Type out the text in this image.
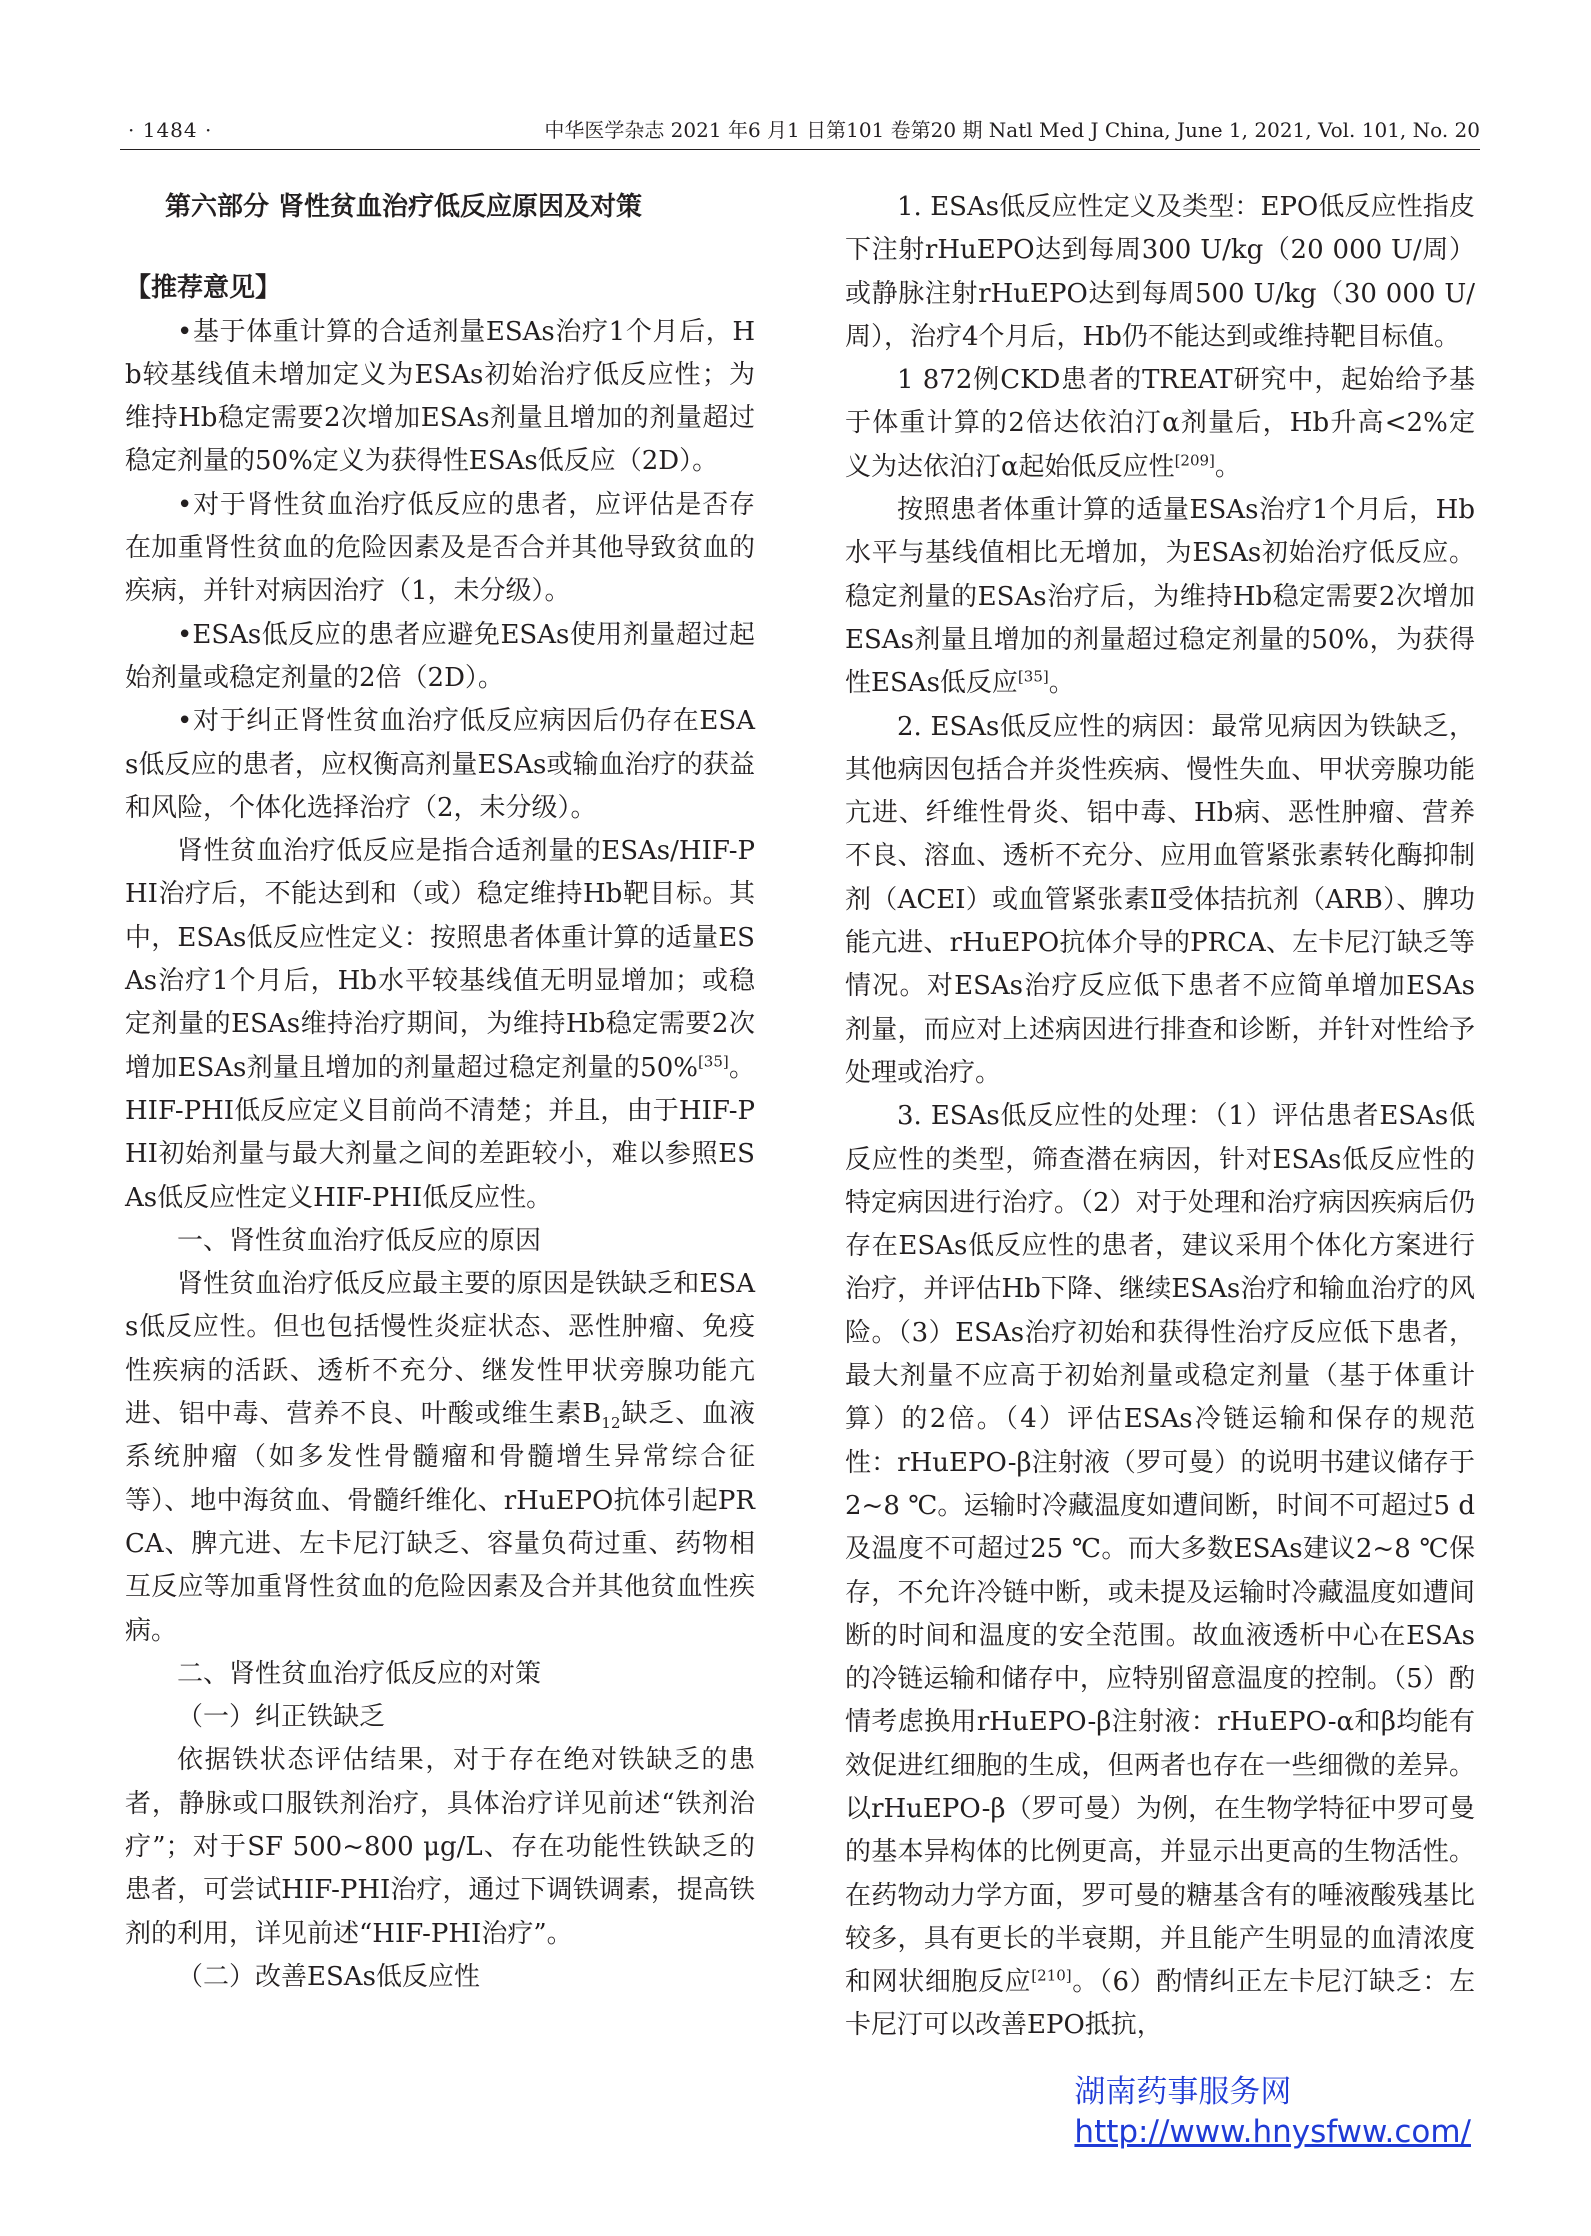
· 1484 ·	中华医学杂志 2021 年6 月1 日第101 卷第20 期 Natl Med J China, June 1, 2021, Vol. 101, No. 20

第六部分 肾性贫血治疗低反应原因及对策

【推荐意见】

•基于体重计算的合适剂量ESAs治疗1个月后，Hb较基线值未增加定义为ESAs初始治疗低反应性；为维持Hb稳定需要2次增加ESAs剂量且增加的剂量超过稳定剂量的50%定义为获得性ESAs低反应（2D）。

•对于肾性贫血治疗低反应的患者，应评估是否存在加重肾性贫血的危险因素及是否合并其他导致贫血的疾病，并针对病因治疗（1，未分级）。

•ESAs低反应的患者应避免ESAs使用剂量超过起始剂量或稳定剂量的2倍（2D）。

•对于纠正肾性贫血治疗低反应病因后仍存在ESAs低反应的患者，应权衡高剂量ESAs或输血治疗的获益和风险，个体化选择治疗（2，未分级）。

肾性贫血治疗低反应是指合适剂量的ESAs/HIF-PHI治疗后，不能达到和（或）稳定维持Hb靶目标。其中，ESAs低反应性定义：按照患者体重计算的适量ESAs治疗1个月后，Hb水平较基线值无明显增加；或稳定剂量的ESAs维持治疗期间，为维持Hb稳定需要2次增加ESAs剂量且增加的剂量超过稳定剂量的50%[35]。HIF-PHI低反应定义目前尚不清楚；并且，由于HIF-PHI初始剂量与最大剂量之间的差距较小，难以参照ESAs低反应性定义HIF-PHI低反应性。

一、肾性贫血治疗低反应的原因

肾性贫血治疗低反应最主要的原因是铁缺乏和ESAs低反应性。但也包括慢性炎症状态、恶性肿瘤、免疫性疾病的活跃、透析不充分、继发性甲状旁腺功能亢进、铝中毒、营养不良、叶酸或维生素$B_{12}$缺乏、血液系统肿瘤（如多发性骨髓瘤和骨髓增生异常综合征等）、地中海贫血、骨髓纤维化、rHuEPO抗体引起PRCA、脾亢进、左卡尼汀缺乏、容量负荷过重、药物相互反应等加重肾性贫血的危险因素及合并其他贫血性疾病。

二、肾性贫血治疗低反应的对策

（一）纠正铁缺乏

依据铁状态评估结果，对于存在绝对铁缺乏的患者，静脉或口服铁剂治疗，具体治疗详见前述“铁剂治疗”；对于SF 500~800 μg/L、存在功能性铁缺乏的患者，可尝试HIF-PHI治疗，通过下调铁调素，提高铁剂的利用，详见前述“HIF-PHI治疗”。

（二）改善ESAs低反应性

1. ESAs低反应性定义及类型：EPO低反应性指皮下注射rHuEPO达到每周300 U/kg（20 000 U/周）或静脉注射rHuEPO达到每周500 U/kg（30 000 U/周），治疗4个月后，Hb仍不能达到或维持靶目标值。

1 872例CKD患者的TREAT研究中，起始给予基于体重计算的2倍达依泊汀α剂量后，Hb升高<2%定义为达依泊汀α起始低反应性[209]。

按照患者体重计算的适量ESAs治疗1个月后，Hb水平与基线值相比无增加，为ESAs初始治疗低反应。稳定剂量的ESAs治疗后，为维持Hb稳定需要2次增加ESAs剂量且增加的剂量超过稳定剂量的50%，为获得性ESAs低反应[35]。

2. ESAs低反应性的病因：最常见病因为铁缺乏，其他病因包括合并炎性疾病、慢性失血、甲状旁腺功能亢进、纤维性骨炎、铝中毒、Hb病、恶性肿瘤、营养不良、溶血、透析不充分、应用血管紧张素转化酶抑制剂（ACEI）或血管紧张素Ⅱ受体拮抗剂（ARB）、脾功能亢进、rHuEPO抗体介导的PRCA、左卡尼汀缺乏等情况。对ESAs治疗反应低下患者不应简单增加ESAs剂量，而应对上述病因进行排查和诊断，并针对性给予处理或治疗。

3. ESAs低反应性的处理：（1）评估患者ESAs低反应性的类型，筛查潜在病因，针对ESAs低反应性的特定病因进行治疗。（2）对于处理和治疗病因疾病后仍存在ESAs低反应性的患者，建议采用个体化方案进行治疗，并评估Hb下降、继续ESAs治疗和输血治疗的风险。（3）ESAs治疗初始和获得性治疗反应低下患者，最大剂量不应高于初始剂量或稳定剂量（基于体重计算）的2倍。（4）评估ESAs冷链运输和保存的规范性：rHuEPO-β注射液（罗可曼）的说明书建议储存于2~8 ℃。运输时冷藏温度如遭间断，时间不可超过5 d及温度不可超过25 ℃。而大多数ESAs建议2~8 ℃保存，不允许冷链中断，或未提及运输时冷藏温度如遭间断的时间和温度的安全范围。故血液透析中心在ESAs的冷链运输和储存中，应特别留意温度的控制。（5）酌情考虑换用rHuEPO-β注射液：rHuEPO-α和β均能有效促进红细胞的生成，但两者也存在一些细微的差异。以rHuEPO-β（罗可曼）为例，在生物学特征中罗可曼的基本异构体的比例更高，并显示出更高的生物活性。在药物动力学方面，罗可曼的糖基含有的唾液酸残基比较多，具有更长的半衰期，并且能产生明显的血清浓度和网状细胞反应[210]。（6）酌情纠正左卡尼汀缺乏：左卡尼汀可以改善EPO抵抗，

湖南药事服务网
http://www.hnysfww.com/
